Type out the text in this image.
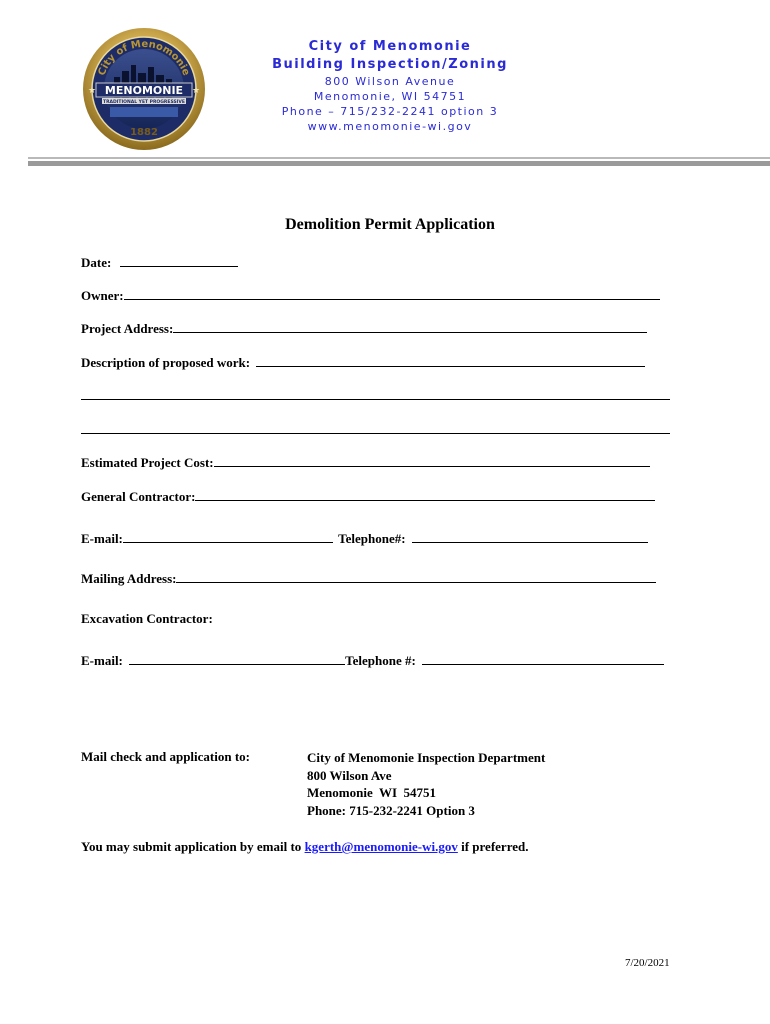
MENOMONIE
TRADITIONAL YET PROGRESSIVE
★	★
City of Menomonie
1882
City of Menomonie
Building Inspection/Zoning
800 Wilson Avenue
Menomonie, WI 54751
Phone – 715/232-2241 option 3
www.menomonie-wi.gov
Demolition Permit Application
Date:
Owner:
Project Address:
Description of proposed work:
Estimated Project Cost:
General Contractor:
E-mail:	Telephone#:
Mailing Address:
Excavation Contractor:
E-mail:	Telephone #:
Mail check and application to:	City of Menomonie Inspection Department
800 Wilson Ave
Menomonie  WI  54751
Phone: 715-232-2241 Option 3
You may submit application by email to kgerth@menomonie-wi.gov if preferred.
7/20/2021
